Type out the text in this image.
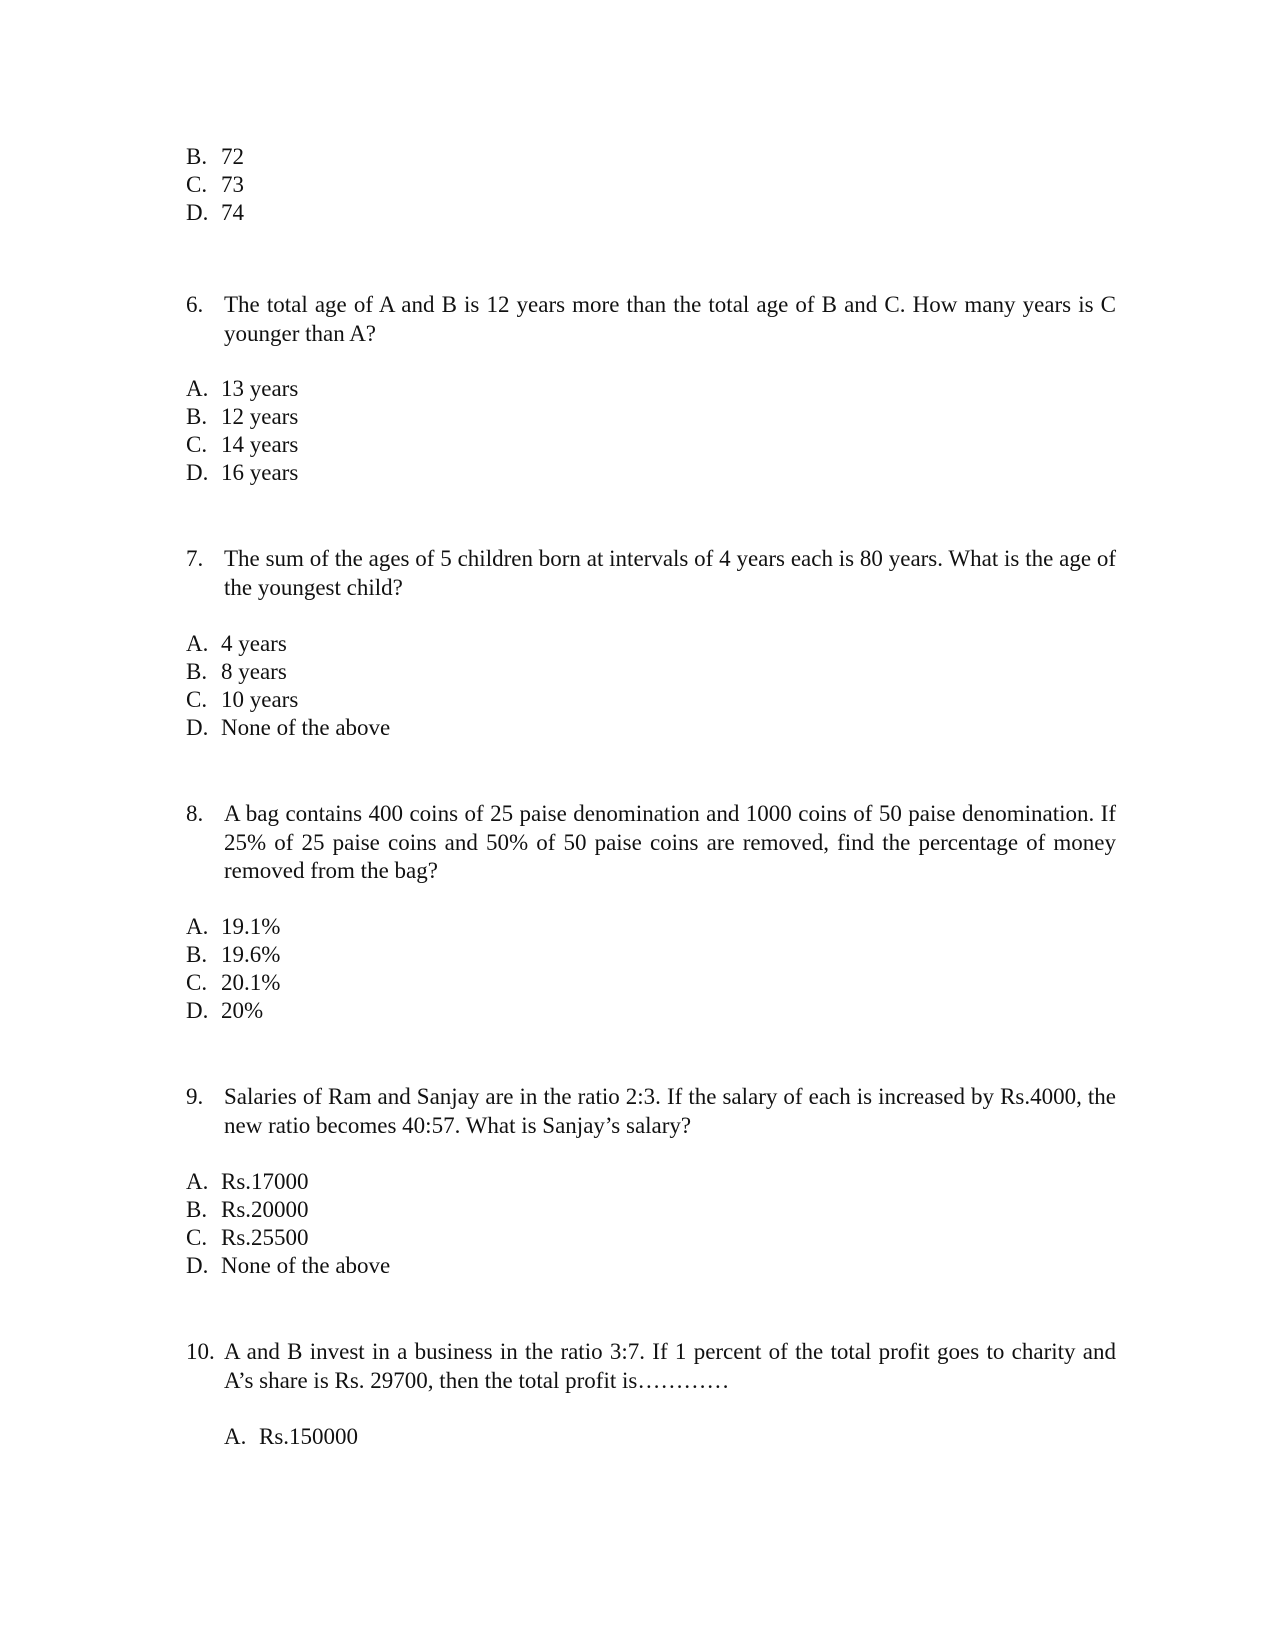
B. 72
C. 73
D. 74
6. The total age of A and B is 12 years more than the total age of B and C. How many years is C younger than A?
A. 13 years
B. 12 years
C. 14 years
D. 16 years
7. The sum of the ages of 5 children born at intervals of 4 years each is 80 years. What is the age of the youngest child?
A. 4 years
B. 8 years
C. 10 years
D. None of the above
8. A bag contains 400 coins of 25 paise denomination and 1000 coins of 50 paise denomination. If 25% of 25 paise coins and 50% of 50 paise coins are removed, find the percentage of money removed from the bag?
A. 19.1%
B. 19.6%
C. 20.1%
D. 20%
9. Salaries of Ram and Sanjay are in the ratio 2:3. If the salary of each is increased by Rs.4000, the new ratio becomes 40:57. What is Sanjay’s salary?
A. Rs.17000
B. Rs.20000
C. Rs.25500
D. None of the above
10. A and B invest in a business in the ratio 3:7. If 1 percent of the total profit goes to charity and A’s share is Rs. 29700, then the total profit is…………
A. Rs.150000
